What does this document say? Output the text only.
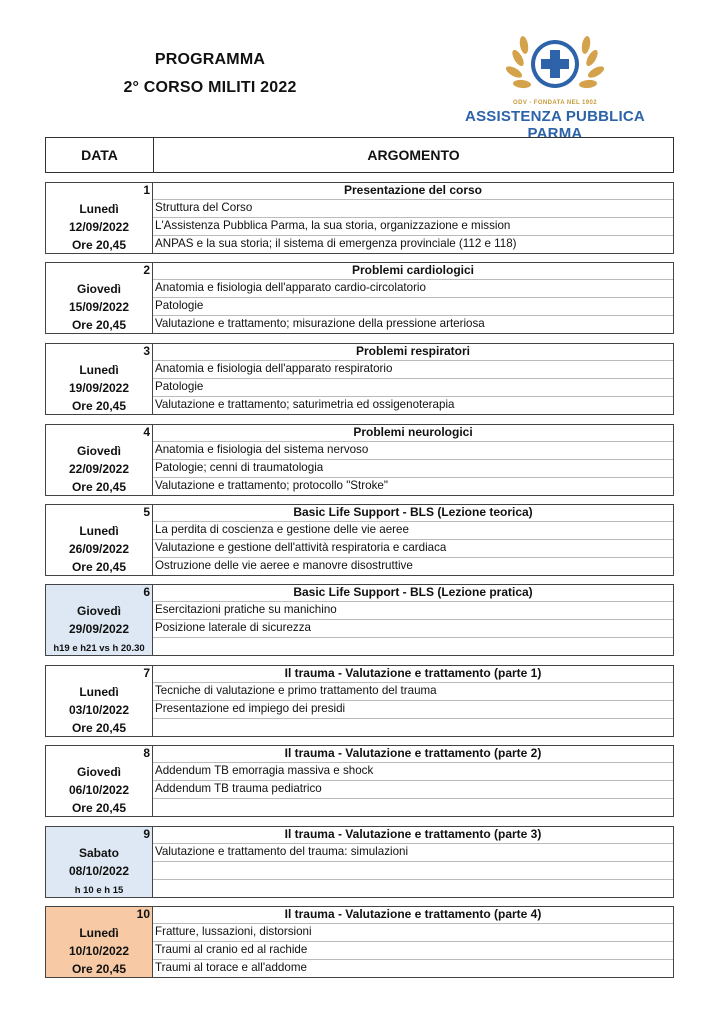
PROGRAMMA
2° CORSO MILITI 2022
ODV - FONDATA NEL 1902
ASSISTENZA PUBBLICA PARMA
DATA	ARGOMENTO
1
Lunedì
12/09/2022
Ore 20,45
Presentazione del corso
Struttura del Corso
L'Assistenza Pubblica Parma, la sua storia, organizzazione e mission
ANPAS e la sua storia; il sistema di emergenza provinciale (112 e 118)
2
Giovedì
15/09/2022
Ore 20,45
Problemi cardiologici
Anatomia e fisiologia dell'apparato cardio-circolatorio
Patologie
Valutazione e trattamento; misurazione della pressione arteriosa
3
Lunedì
19/09/2022
Ore 20,45
Problemi respiratori
Anatomia e fisiologia dell'apparato respiratorio
Patologie
Valutazione e trattamento; saturimetria ed ossigenoterapia
4
Giovedì
22/09/2022
Ore 20,45
Problemi neurologici
Anatomia e fisiologia del sistema nervoso
Patologie; cenni di traumatologia
Valutazione e trattamento; protocollo "Stroke"
5
Lunedì
26/09/2022
Ore 20,45
Basic Life Support - BLS (Lezione teorica)
La perdita di coscienza e gestione delle vie aeree
Valutazione e gestione dell'attività respiratoria e cardiaca
Ostruzione delle vie aeree e manovre disostruttive
6
Giovedì
29/09/2022
h19 e h21 vs h 20.30
Basic Life Support - BLS (Lezione pratica)
Esercitazioni pratiche su manichino
Posizione laterale di sicurezza
7
Lunedì
03/10/2022
Ore 20,45
Il trauma - Valutazione e trattamento (parte 1)
Tecniche di valutazione e primo trattamento del trauma
Presentazione ed impiego dei presidi
8
Giovedì
06/10/2022
Ore 20,45
Il trauma - Valutazione e trattamento (parte 2)
Addendum TB emorragia massiva e shock
Addendum TB trauma pediatrico
9
Sabato
08/10/2022
h 10 e h 15
Il trauma - Valutazione e trattamento (parte 3)
Valutazione e trattamento del trauma: simulazioni
10
Lunedì
10/10/2022
Ore 20,45
Il trauma - Valutazione e trattamento (parte 4)
Fratture, lussazioni, distorsioni
Traumi al cranio ed al rachide
Traumi al torace e all'addome
